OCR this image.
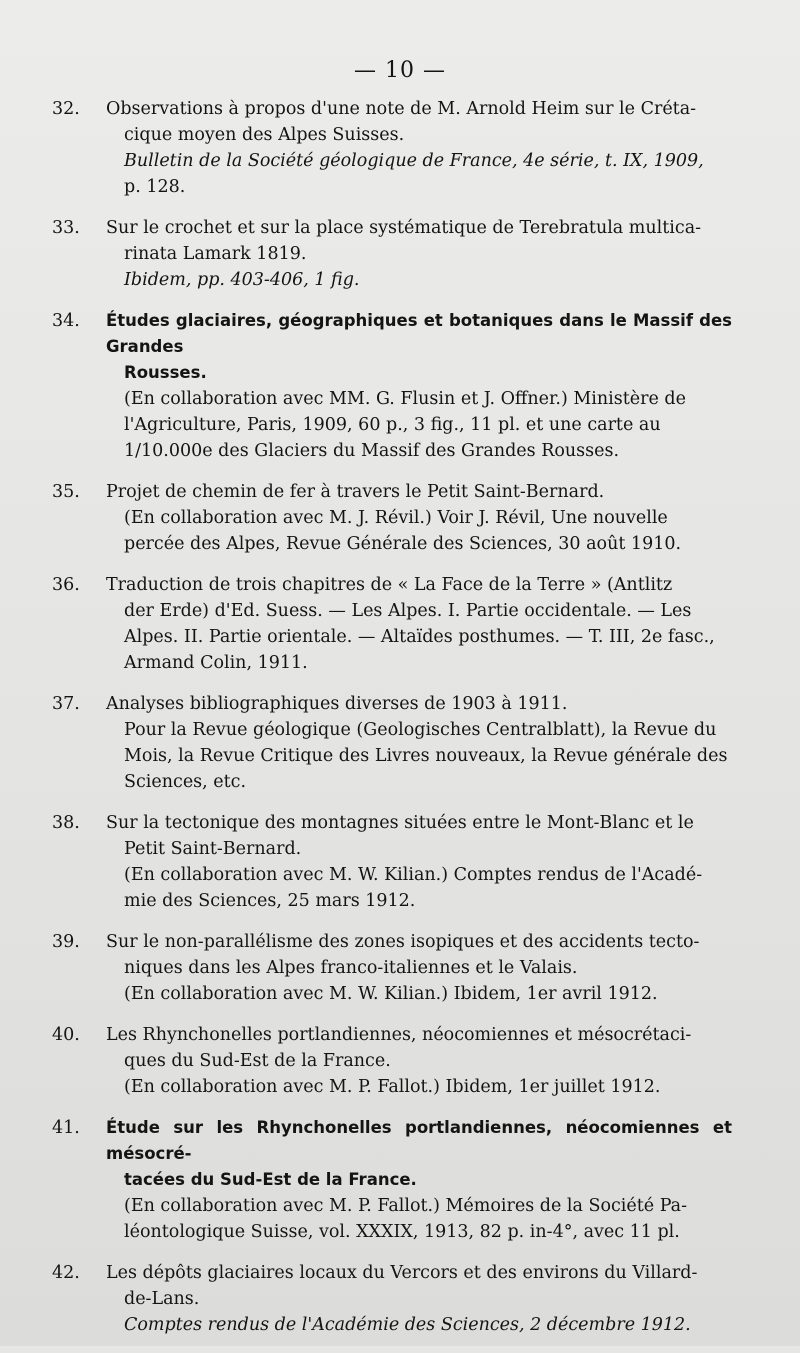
— 10 —
32. Observations à propos d'une note de M. Arnold Heim sur le Créta-

cique moyen des Alpes Suisses.

Bulletin de la Société géologique de France, 4e série, t. IX, 1909,

p. 128.

33. Sur le crochet et sur la place systématique de Terebratula multica-

rinata Lamark 1819.

Ibidem, pp. 403-406, 1 fig.

34. Études glaciaires, géographiques et botaniques dans le Massif des Grandes

Rousses.

(En collaboration avec MM. G. Flusin et J. Offner.) Ministère de

l'Agriculture, Paris, 1909, 60 p., 3 fig., 11 pl. et une carte au

1/10.000e des Glaciers du Massif des Grandes Rousses.

35. Projet de chemin de fer à travers le Petit Saint-Bernard.

(En collaboration avec M. J. Révil.) Voir J. Révil, Une nouvelle

percée des Alpes, Revue Générale des Sciences, 30 août 1910.

36. Traduction de trois chapitres de « La Face de la Terre » (Antlitz

der Erde) d'Ed. Suess. — Les Alpes. I. Partie occidentale. — Les

Alpes. II. Partie orientale. — Altaïdes posthumes. — T. III, 2e fasc.,

Armand Colin, 1911.

37. Analyses bibliographiques diverses de 1903 à 1911.

Pour la Revue géologique (Geologisches Centralblatt), la Revue du

Mois, la Revue Critique des Livres nouveaux, la Revue générale des

Sciences, etc.

38. Sur la tectonique des montagnes situées entre le Mont-Blanc et le

Petit Saint-Bernard.

(En collaboration avec M. W. Kilian.) Comptes rendus de l'Acadé-

mie des Sciences, 25 mars 1912.

39. Sur le non-parallélisme des zones isopiques et des accidents tecto-

niques dans les Alpes franco-italiennes et le Valais.

(En collaboration avec M. W. Kilian.) Ibidem, 1er avril 1912.

40. Les Rhynchonelles portlandiennes, néocomiennes et mésocrétaci-

ques du Sud-Est de la France.

(En collaboration avec M. P. Fallot.) Ibidem, 1er juillet 1912.

41. Étude sur les Rhynchonelles portlandiennes, néocomiennes et mésocré-

tacées du Sud-Est de la France.

(En collaboration avec M. P. Fallot.) Mémoires de la Société Pa-

léontologique Suisse, vol. XXXIX, 1913, 82 p. in-4°, avec 11 pl.

42. Les dépôts glaciaires locaux du Vercors et des environs du Villard-

de-Lans.

Comptes rendus de l'Académie des Sciences, 2 décembre 1912.
